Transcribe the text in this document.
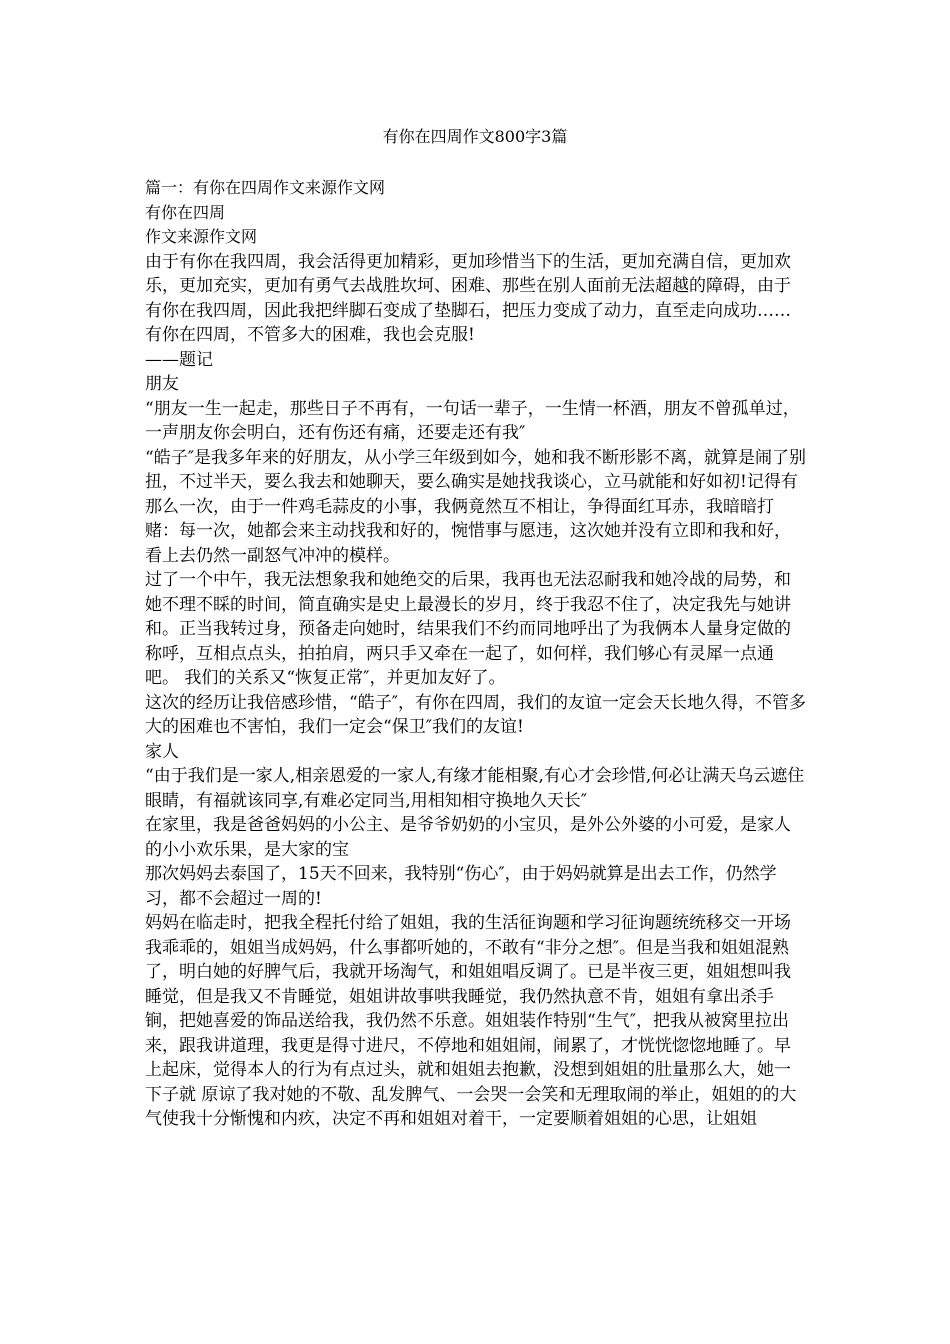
有你在四周作文800字3篇

篇一：有你在四周作文来源作文网

有你在四周

作文来源作文网

由于有你在我四周，我会活得更加精彩，更加珍惜当下的生活，更加充满自信，更加欢乐，更加充实，更加有勇气去战胜坎坷、困难、那些在别人面前无法超越的障碍，由于有你在我四周，因此我把绊脚石变成了垫脚石，把压力变成了动力，直至走向成功……有你在四周，不管多大的困难，我也会克服!

——题记

朋友

“朋友一生一起走，那些日子不再有，一句话一辈子，一生情一杯酒，朋友不曾孤单过，一声朋友你会明白，还有伤还有痛，还要走还有我″

“皓子″是我多年来的好朋友，从小学三年级到如今，她和我不断形影不离，就算是闹了别扭，不过半天，要么我去和她聊天，要么确实是她找我谈心，立马就能和好如初!记得有那么一次，由于一件鸡毛蒜皮的小事，我俩竟然互不相让，争得面红耳赤，我暗暗打赌：每一次，她都会来主动找我和好的，惋惜事与愿违，这次她并没有立即和我和好，看上去仍然一副怒气冲冲的模样。

过了一个中午，我无法想象我和她绝交的后果，我再也无法忍耐我和她冷战的局势，和她不理不睬的时间，简直确实是史上最漫长的岁月，终于我忍不住了，决定我先与她讲和。正当我转过身，预备走向她时，结果我们不约而同地呼出了为我俩本人量身定做的称呼，互相点点头，拍拍肩，两只手又牵在一起了，如何样，我们够心有灵犀一点通吧。 我们的关系又“恢复正常″，并更加友好了。

这次的经历让我倍感珍惜，“皓子″，有你在四周，我们的友谊一定会天长地久得，不管多大的困难也不害怕，我们一定会“保卫″我们的友谊!

家人

“由于我们是一家人,相亲恩爱的一家人,有缘才能相聚,有心才会珍惜,何必让满天乌云遮住眼睛，有福就该同享,有难必定同当,用相知相守换地久天长″

在家里，我是爸爸妈妈的小公主、是爷爷奶奶的小宝贝，是外公外婆的小可爱，是家人的小小欢乐果，是大家的宝

那次妈妈去泰国了，15天不回来，我特别“伤心″，由于妈妈就算是出去工作，仍然学习，都不会超过一周的!

妈妈在临走时，把我全程托付给了姐姐，我的生活征询题和学习征询题统统移交一开场我乖乖的，姐姐当成妈妈，什么事都听她的，不敢有“非分之想″。但是当我和姐姐混熟了，明白她的好脾气后，我就开场淘气，和姐姐唱反调了。已是半夜三更，姐姐想叫我睡觉，但是我又不肯睡觉，姐姐讲故事哄我睡觉，我仍然执意不肯，姐姐有拿出杀手锏，把她喜爱的饰品送给我，我仍然不乐意。姐姐装作特别“生气″，把我从被窝里拉出来，跟我讲道理，我更是得寸进尺，不停地和姐姐闹，闹累了，才恍恍惚惚地睡了。早上起床，觉得本人的行为有点过头，就和姐姐去抱歉，没想到姐姐的肚量那么大，她一下子就 原谅了我对她的不敬、乱发脾气、一会哭一会笑和无理取闹的举止，姐姐的的大气使我十分惭愧和内疚，决定不再和姐姐对着干，一定要顺着姐姐的心思，让姐姐
